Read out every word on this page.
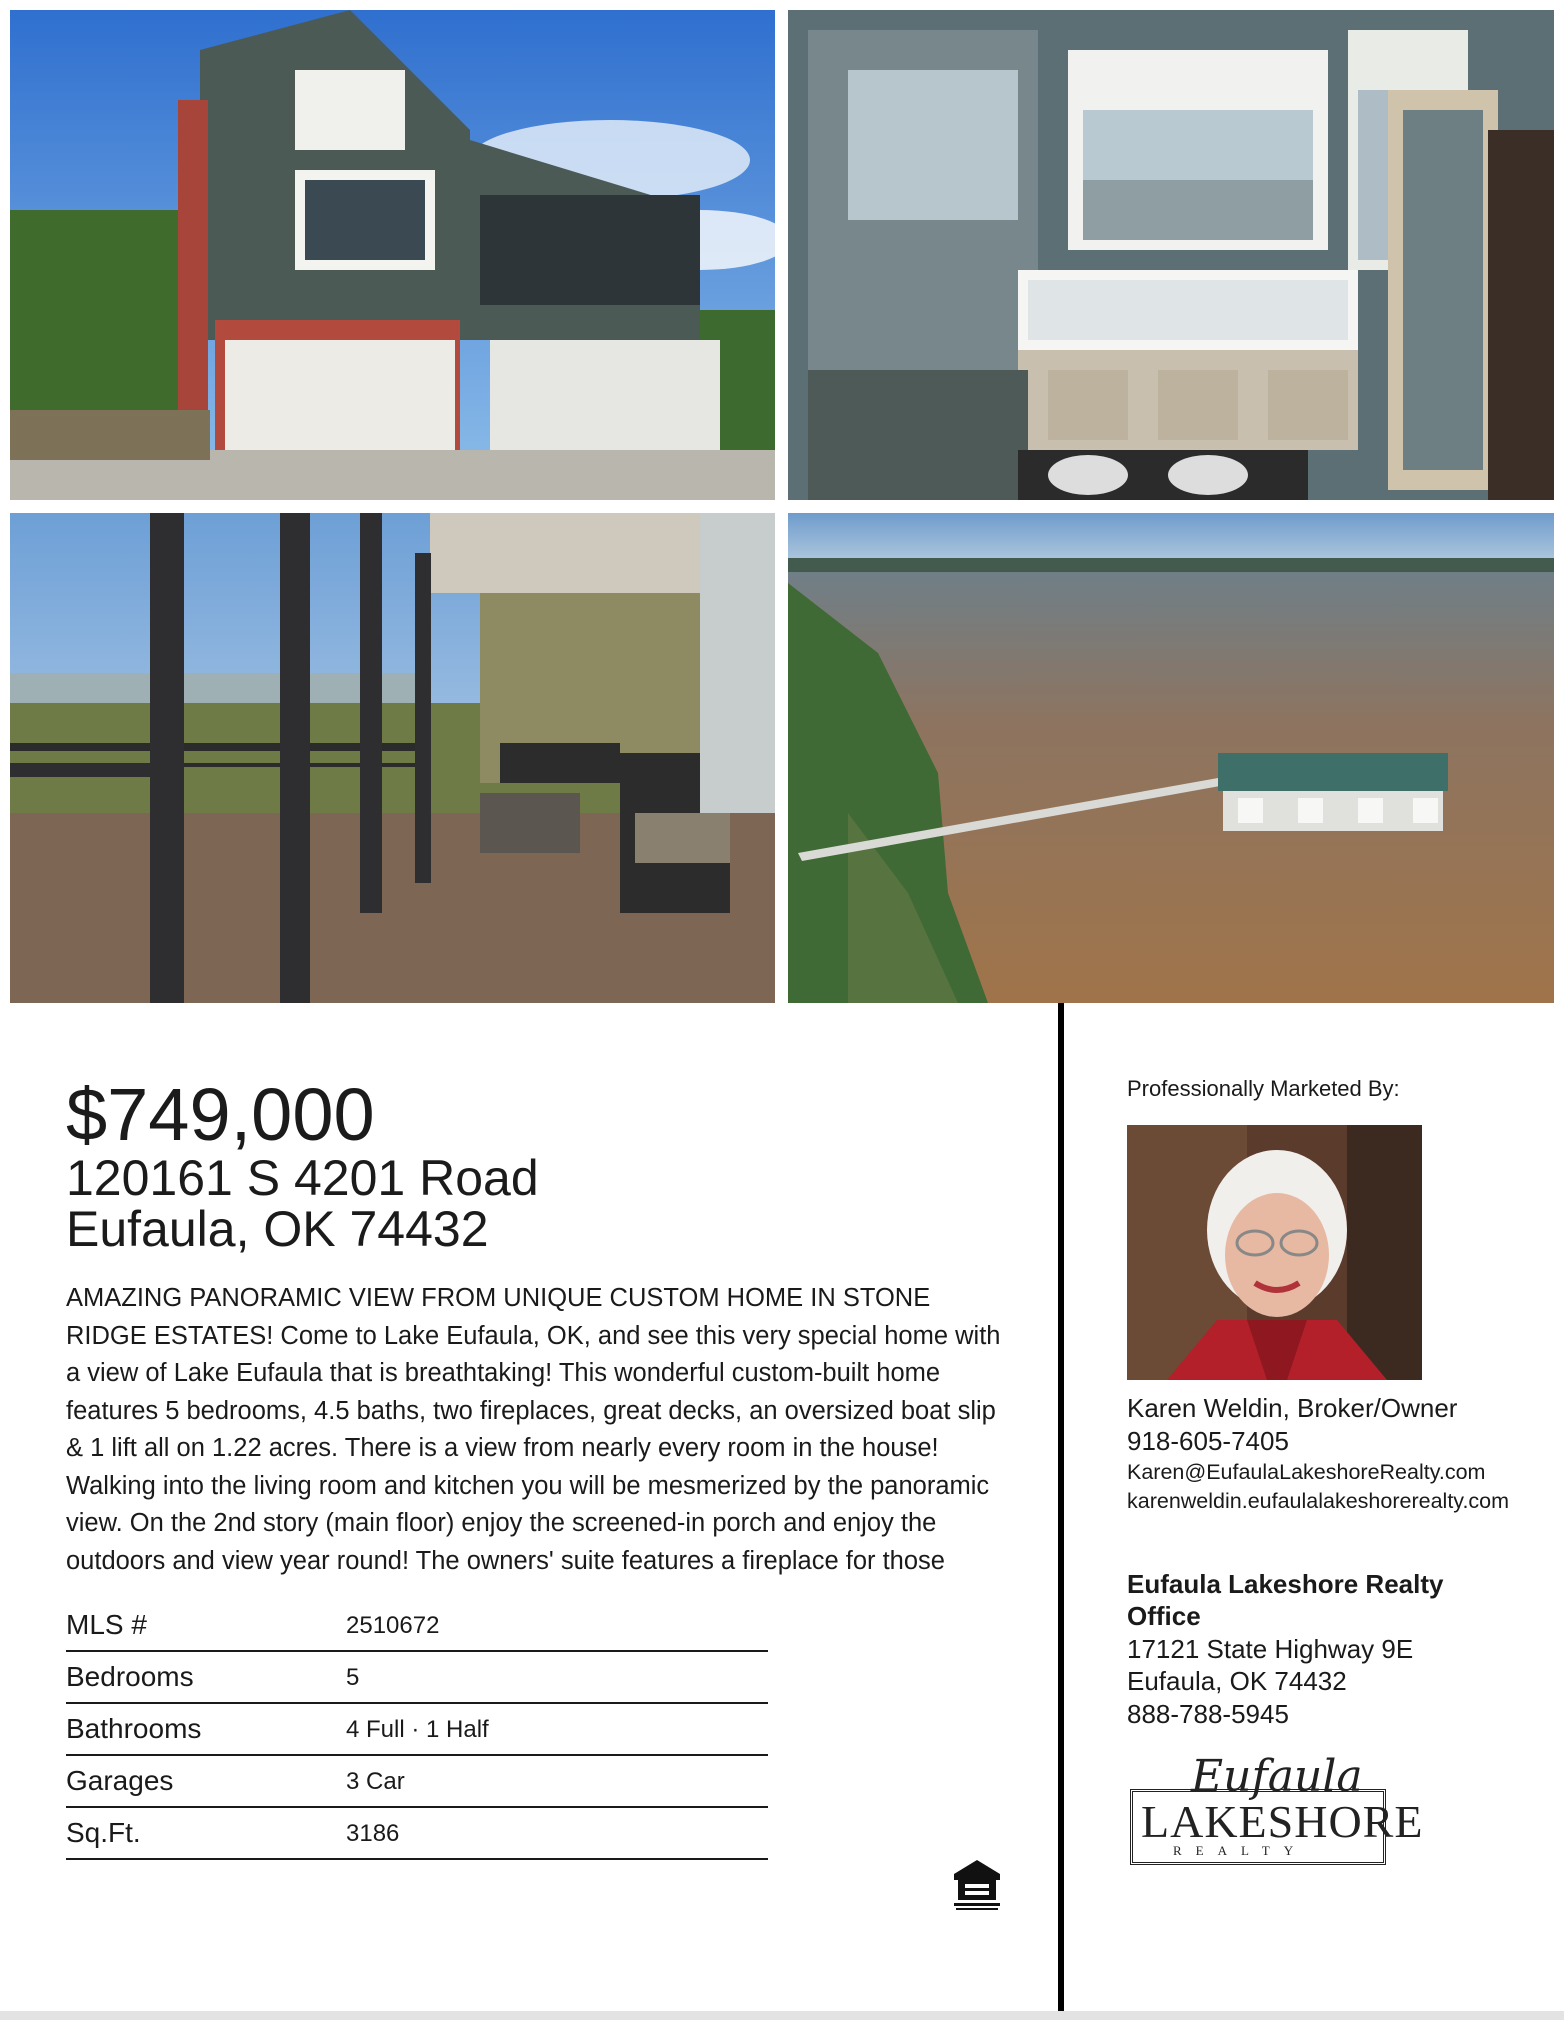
$749,000
120161 S 4201 Road
Eufaula, OK 74432
AMAZING PANORAMIC VIEW FROM UNIQUE CUSTOM HOME IN STONE RIDGE ESTATES! Come to Lake Eufaula, OK, and see this very special home with a view of Lake Eufaula that is breathtaking! This wonderful custom-built home features 5 bedrooms, 4.5 baths, two fireplaces, great decks, an oversized boat slip & 1 lift all on 1.22 acres. There is a view from nearly every room in the house! Walking into the living room and kitchen you will be mesmerized by the panoramic view. On the 2nd story (main floor) enjoy the screened-in porch and enjoy the outdoors and view year round! The owners' suite features a fireplace for those
MLS #	2510672
Bedrooms	5
Bathrooms	4 Full · 1 Half
Garages	3 Car
Sq.Ft.	3186
Professionally Marketed By:
Karen Weldin, Broker/Owner
918-605-7405
Karen@EufaulaLakeshoreRealty.com
karenweldin.eufaulalakeshorerealty.com
Eufaula Lakeshore Realty Office
17121 State Highway 9E
Eufaula, OK 74432
888-788-5945
Eufaula
LAKESHORE
REALTY
